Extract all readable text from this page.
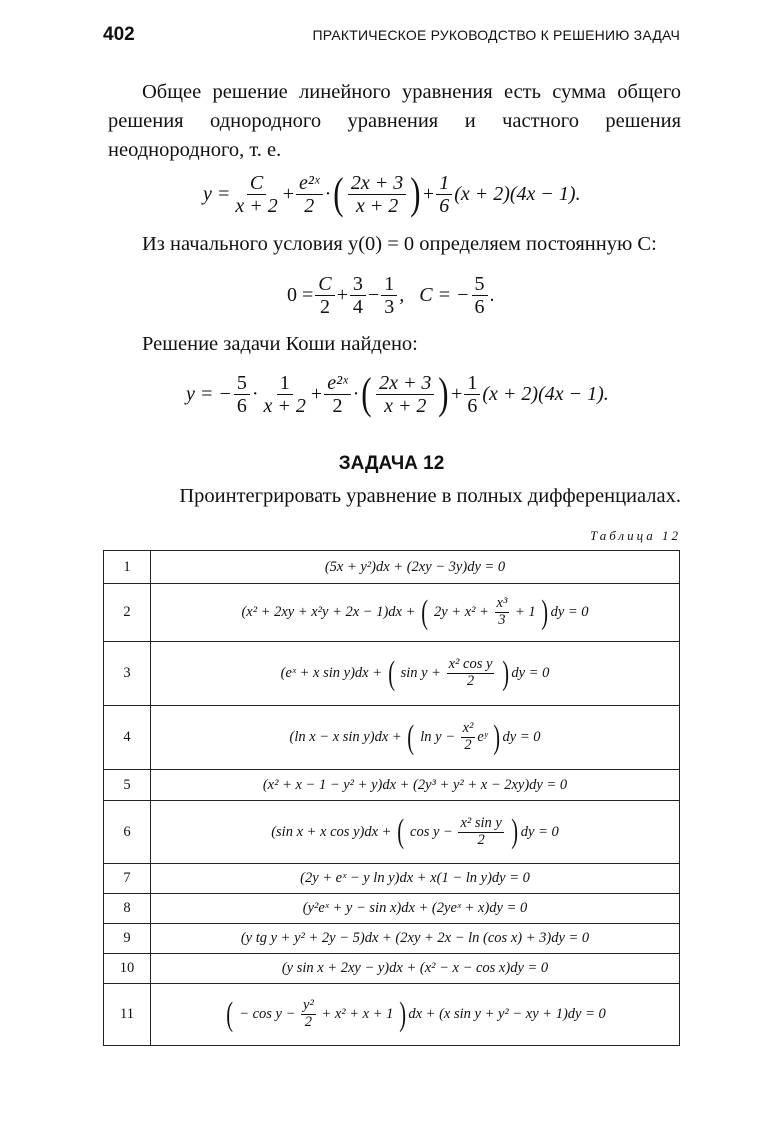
402	ПРАКТИЧЕСКОЕ РУКОВОДСТВО К РЕШЕНИЮ ЗАДАЧ
Общее решение линейного уравнения есть сумма общего решения однородного уравнения и частного решения неоднородного, т. е.
$y = \frac{C}{x + 2} + \frac{\text{e²ˣ}}{2}$ · ( $\frac{2x + 3}{x + 2}$ ) + $\frac{1}{6} (x + 2)(4x - 1)$.
Из начального условия y(0) = 0 определяем постоянную C:
$0 = \frac{C}{2} + \frac{3}{4} - \frac{1}{3}$ ,   C = − $\frac{5}{6}$ .
Решение задачи Коши найдено:
y = − $\frac{5}{6} \cdot \frac{1}{x + 2} + \frac{\text{e²ˣ}}{2}$ · ( $\frac{2x + 3}{x + 2}$ ) + $\frac{1}{6} (x + 2)(4x - 1)$.
ЗАДАЧА 12
Проинтегрировать уравнение в полных дифференциалах.
Таблица 12
1	(5x + y²)dx + (2xy − 3y)dy = 0
2	(x² + 2xy + x²y + 2x − 1)dx + ( $2y + x^2 + \frac{\text{x³}}{3} + 1$ ) dy = 0
3	(eˣ + x sin y)dx + ( $\sin y + \frac{\text{x² cos y}}{2}$ ) dy = 0
4	(ln x − x sin y)dx + ( $\ln y - \frac{\text{x²}}{2}$ eʸ ) dy = 0
5	(x² + x − 1 − y² + y)dx + (2y³ + y² + x − 2xy)dy = 0
6	(sin x + x cos y)dx + ( $\cos y - \frac{\text{x² sin y}}{2}$ ) dy = 0
7	(2y + eˣ − y ln y)dx + x(1 − ln y)dy = 0
8	(y²eˣ + y − sin x)dx + (2yeˣ + x)dy = 0
9	(y tg y + y² + 2y − 5)dx + (2xy + 2x − ln (cos x) + 3)dy = 0
10	(y sin x + 2xy − y)dx + (x² − x − cos x)dy = 0
11	( − $\cos y - \frac{\text{y²}}{2} + x^2 + x + 1$ ) dx + (x sin y + y² − xy + 1)dy = 0
